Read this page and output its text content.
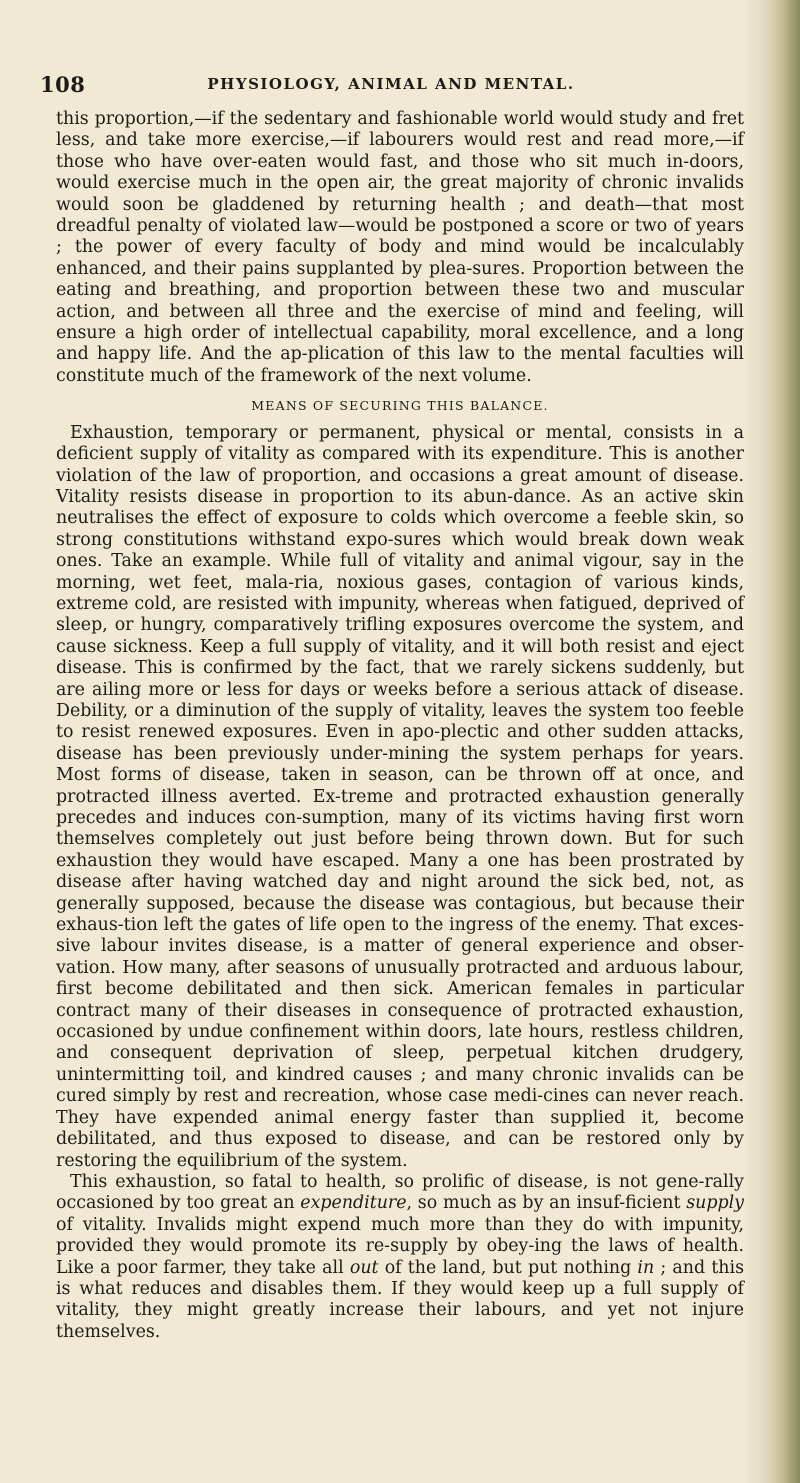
108	PHYSIOLOGY, ANIMAL AND MENTAL.

this proportion,—if the sedentary and fashionable world would study and fret less, and take more exercise,—if labourers would rest and read more,—if those who have over-eaten would fast, and those who sit much in-doors, would exercise much in the open air, the great majority of chronic invalids would soon be gladdened by returning health ; and death—that most dreadful penalty of violated law—would be postponed a score or two of years ; the power of every faculty of body and mind would be incalculably enhanced, and their pains supplanted by plea-sures. Proportion between the eating and breathing, and proportion between these two and muscular action, and between all three and the exercise of mind and feeling, will ensure a high order of intellectual capability, moral excellence, and a long and happy life. And the ap-plication of this law to the mental faculties will constitute much of the framework of the next volume.

MEANS OF SECURING THIS BALANCE.

Exhaustion, temporary or permanent, physical or mental, consists in a deficient supply of vitality as compared with its expenditure. This is another violation of the law of proportion, and occasions a great amount of disease. Vitality resists disease in proportion to its abun-dance. As an active skin neutralises the effect of exposure to colds which overcome a feeble skin, so strong constitutions withstand expo-sures which would break down weak ones. Take an example. While full of vitality and animal vigour, say in the morning, wet feet, mala-ria, noxious gases, contagion of various kinds, extreme cold, are resisted with impunity, whereas when fatigued, deprived of sleep, or hungry, comparatively trifling exposures overcome the system, and cause sickness. Keep a full supply of vitality, and it will both resist and eject disease. This is confirmed by the fact, that we rarely sickens suddenly, but are ailing more or less for days or weeks before a serious attack of disease. Debility, or a diminution of the supply of vitality, leaves the system too feeble to resist renewed exposures. Even in apo-plectic and other sudden attacks, disease has been previously under-mining the system perhaps for years. Most forms of disease, taken in season, can be thrown off at once, and protracted illness averted. Ex-treme and protracted exhaustion generally precedes and induces con-sumption, many of its victims having first worn themselves completely out just before being thrown down. But for such exhaustion they would have escaped. Many a one has been prostrated by disease after having watched day and night around the sick bed, not, as generally supposed, because the disease was contagious, but because their exhaus-tion left the gates of life open to the ingress of the enemy. That exces-sive labour invites disease, is a matter of general experience and obser-vation. How many, after seasons of unusually protracted and arduous labour, first become debilitated and then sick. American females in particular contract many of their diseases in consequence of protracted exhaustion, occasioned by undue confinement within doors, late hours, restless children, and consequent deprivation of sleep, perpetual kitchen drudgery, unintermitting toil, and kindred causes ; and many chronic invalids can be cured simply by rest and recreation, whose case medi-cines can never reach. They have expended animal energy faster than supplied it, become debilitated, and thus exposed to disease, and can be restored only by restoring the equilibrium of the system.

This exhaustion, so fatal to health, so prolific of disease, is not gene-rally occasioned by too great an expenditure, so much as by an insuf-ficient supply of vitality. Invalids might expend much more than they do with impunity, provided they would promote its re-supply by obey-ing the laws of health. Like a poor farmer, they take all out of the land, but put nothing in ; and this is what reduces and disables them. If they would keep up a full supply of vitality, they might greatly increase their labours, and yet not injure themselves.
